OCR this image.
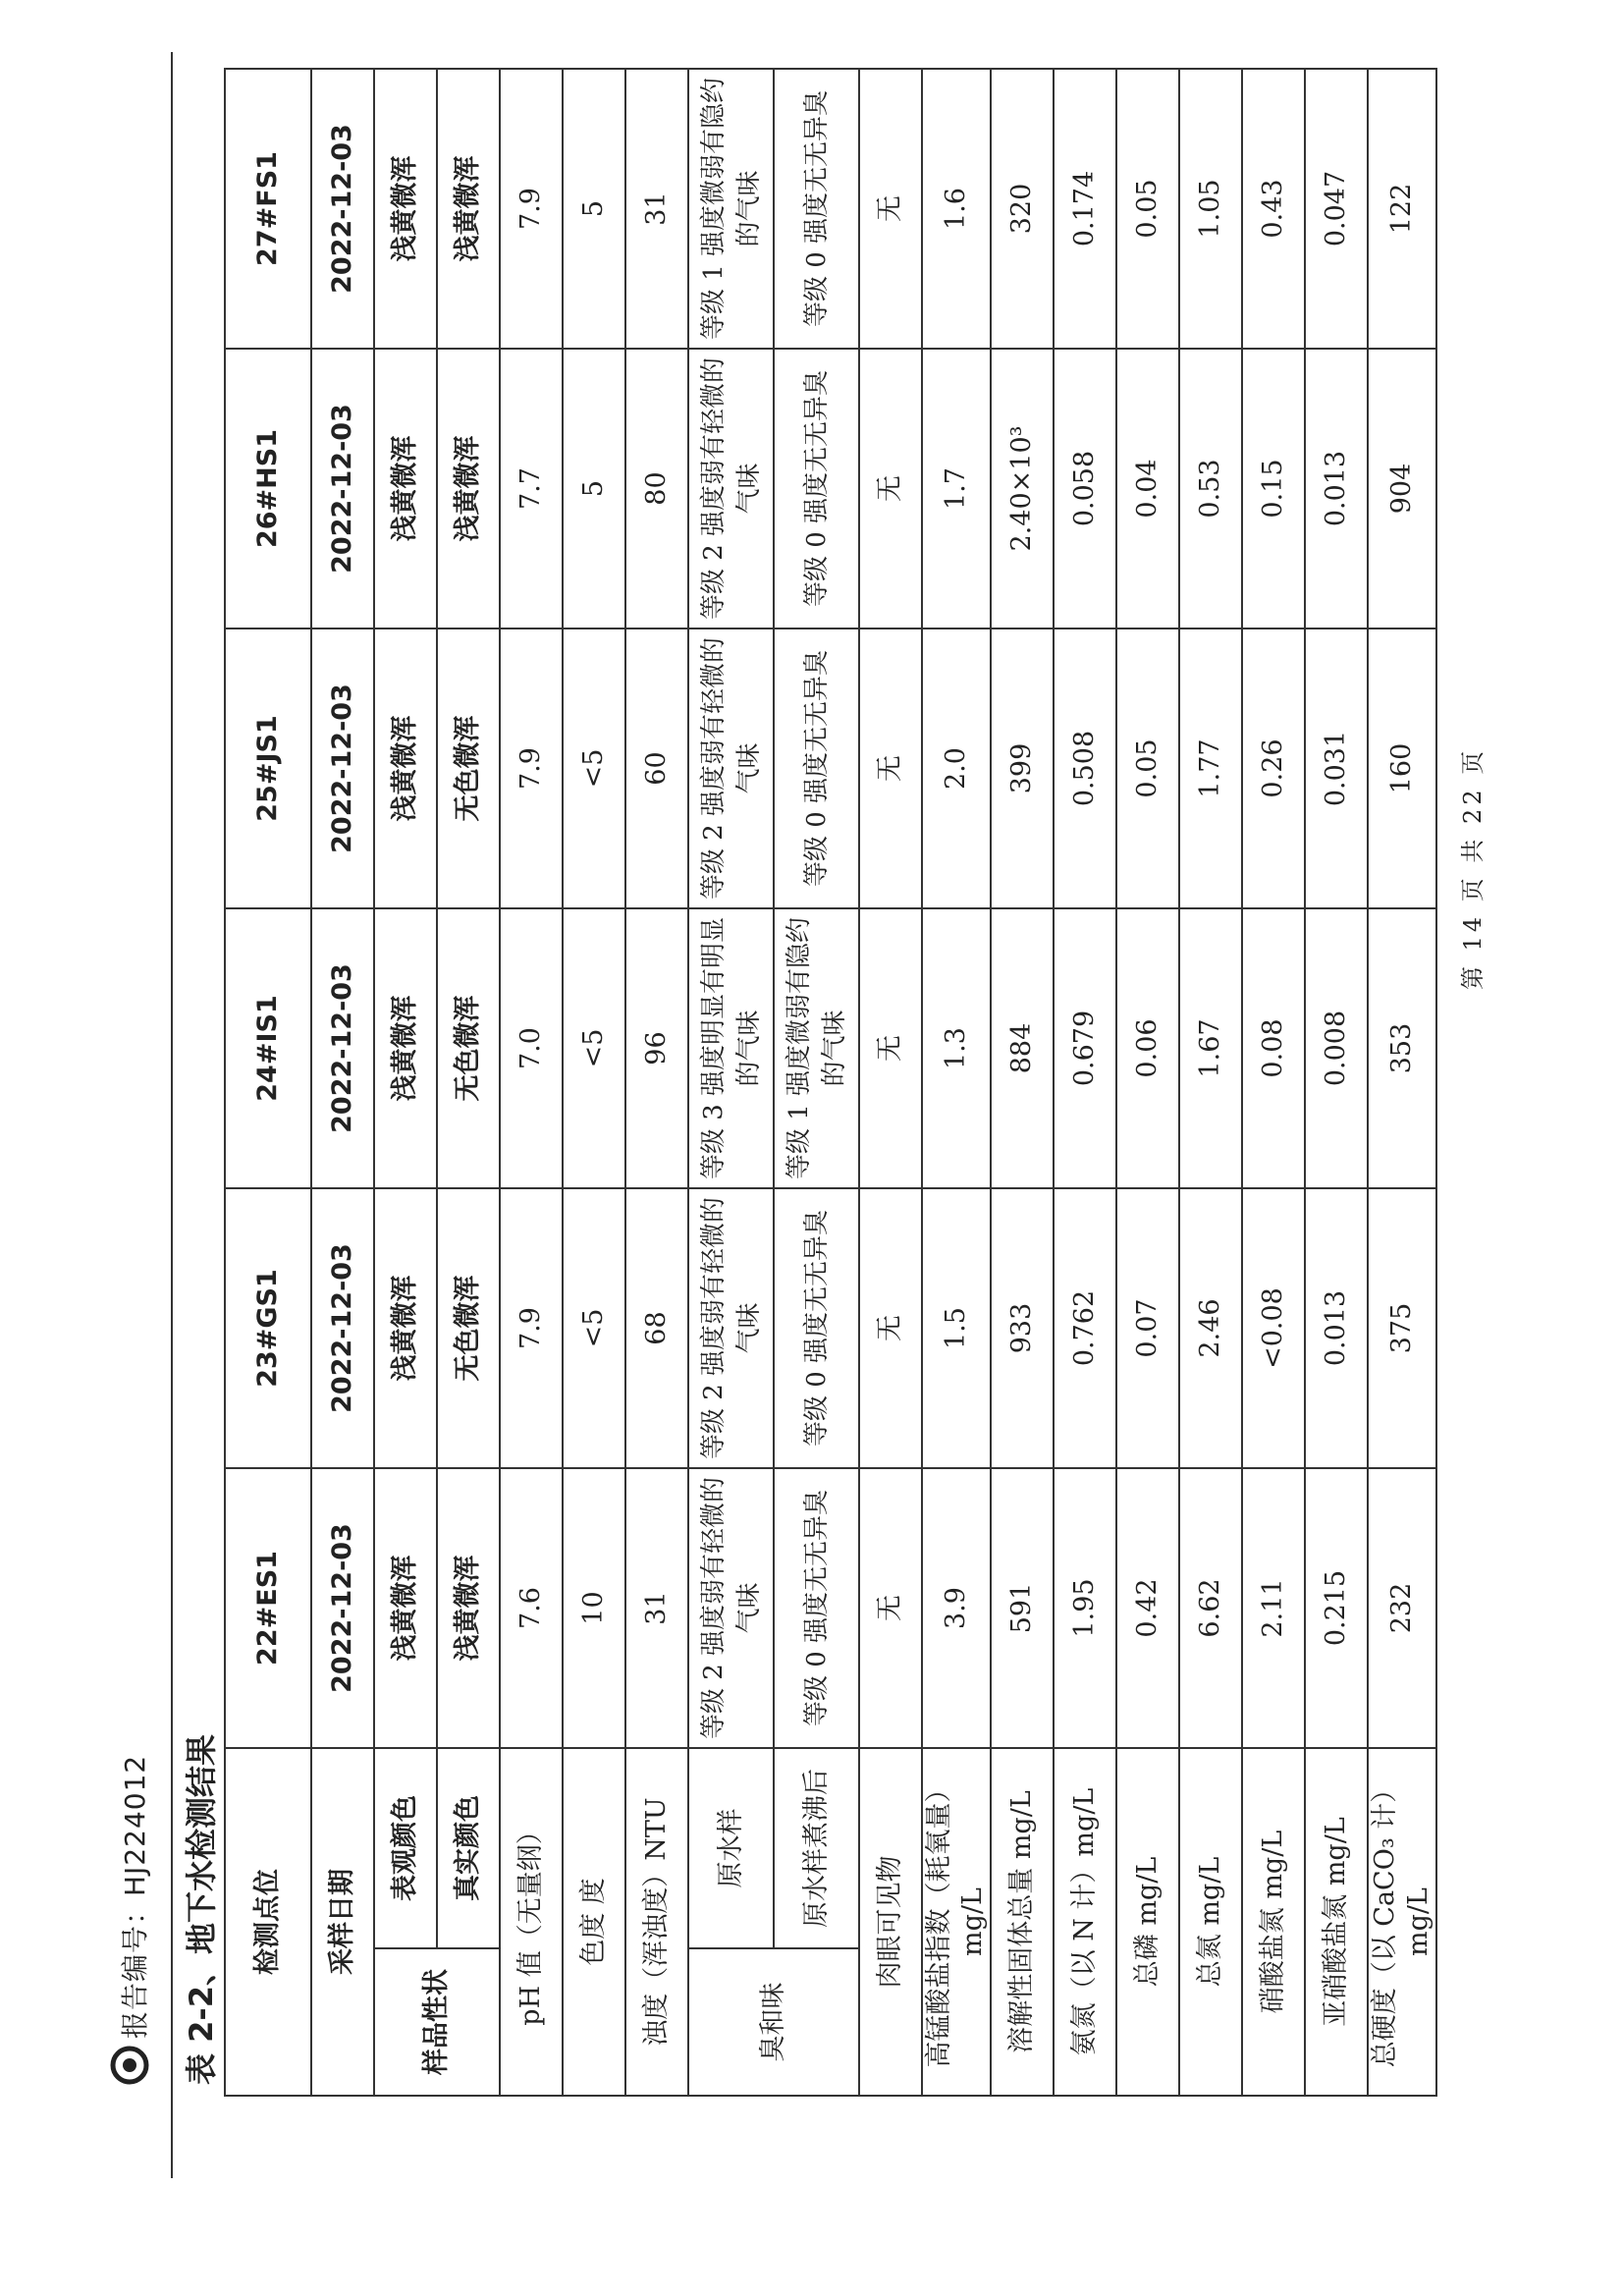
报告编号：HJ224012 表 2-2、地下水检测结果 检测点位		22#ES1	23#GS1	24#IS1	25#JS1	26#HS1	27#FS1
采样日期		2022-12-03	2022-12-03	2022-12-03	2022-12-03	2022-12-03	2022-12-03
样品性状	表观颜色	浅黄微浑	浅黄微浑	浅黄微浑	浅黄微浑	浅黄微浑	浅黄微浑
	真实颜色	浅黄微浑	无色微浑	无色微浑	无色微浑	浅黄微浑	浅黄微浑
pH 值（无量纲）		7.6	7.9	7.0	7.9	7.7	7.9
色度 度		10	<5	<5	<5	5	5
浊度（浑浊度）NTU		31	68	96	60	80	31
臭和味	原水样	等级 2 强度弱有轻微的气味	等级 2 强度弱有轻微的气味	等级 3 强度明显有明显的气味	等级 2 强度弱有轻微的气味	等级 2 强度弱有轻微的气味	等级 1 强度微弱有隐约的气味
	原水样煮沸后	等级 0 强度无无异臭	等级 0 强度无无异臭	等级 1 强度微弱有隐约的气味	等级 0 强度无无异臭	等级 0 强度无无异臭	等级 0 强度无无异臭
肉眼可见物		无	无	无	无	无	无
高锰酸盐指数（耗氧量）mg/L		3.9	1.5	1.3	2.0	1.7	1.6
溶解性固体总量 mg/L		591	933	884	399	2.40×10³	320
氨氮（以 N 计）mg/L		1.95	0.762	0.679	0.508	0.058	0.174
总磷 mg/L		0.42	0.07	0.06	0.05	0.04	0.05
总氮 mg/L		6.62	2.46	1.67	1.77	0.53	1.05
硝酸盐氮 mg/L		2.11	<0.08	0.08	0.26	0.15	0.43
亚硝酸盐氮 mg/L		0.215	0.013	0.008	0.031	0.013	0.047
总硬度（以 CaCO₃ 计）mg/L		232	375	353	160	904	122
第 14 页 共 22 页
